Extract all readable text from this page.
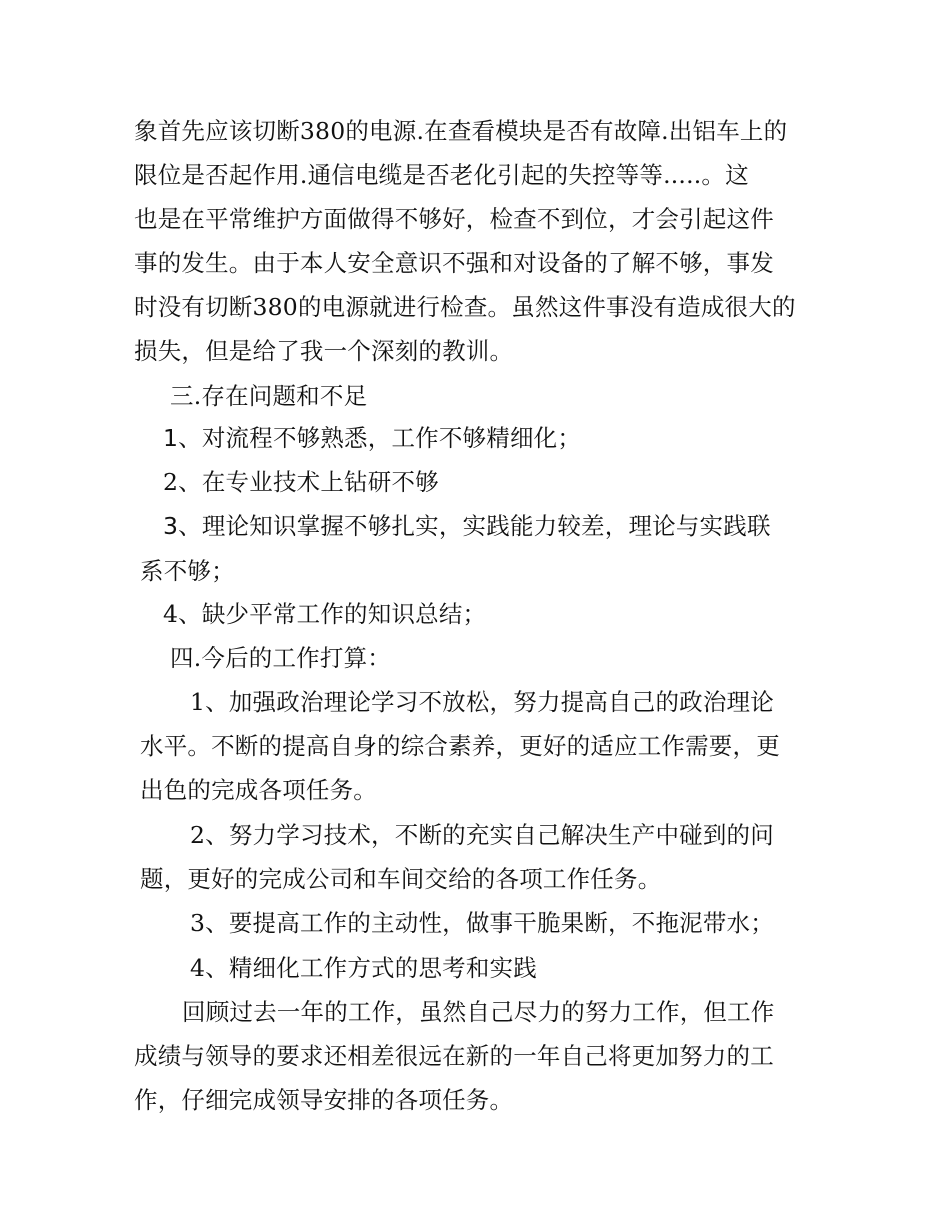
象首先应该切断380的电源.在查看模块是否有故障.出铝车上的
限位是否起作用.通信电缆是否老化引起的失控等等.....。这
也是在平常维护方面做得不够好，检查不到位，才会引起这件
事的发生。由于本人安全意识不强和对设备的了解不够，事发
时没有切断380的电源就进行检查。虽然这件事没有造成很大的
损失，但是给了我一个深刻的教训。
三.存在问题和不足
1、对流程不够熟悉，工作不够精细化；
2、在专业技术上钻研不够
3、理论知识掌握不够扎实，实践能力较差，理论与实践联
系不够；
4、缺少平常工作的知识总结；
四.今后的工作打算：
1、加强政治理论学习不放松，努力提高自己的政治理论
水平。不断的提高自身的综合素养，更好的适应工作需要，更
出色的完成各项任务。
2、努力学习技术，不断的充实自己解决生产中碰到的问
题，更好的完成公司和车间交给的各项工作任务。
3、要提高工作的主动性，做事干脆果断，不拖泥带水；
4、精细化工作方式的思考和实践
回顾过去一年的工作，虽然自己尽力的努力工作，但工作
成绩与领导的要求还相差很远在新的一年自己将更加努力的工
作，仔细完成领导安排的各项任务。
